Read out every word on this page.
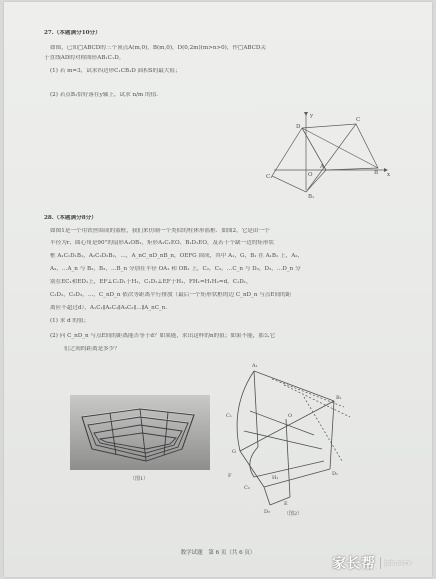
27.（本题满分10分）
如图，已知□ABCD的三个顶点A(m,0)，B(m,0)，D(0,2m)(m>n>0)，作□ABCD关
于直线AD的对称图形AB₁C₁D。
(1) 若 m=3，试求四边形C₁CB₁D 面积S的最大值；
(2) 若点B₁恰好落在y轴上，试求 n/m 的值.
y
C
D
C₁
A
O	B x
B₁
28.（本题满分8分）
如图1是一个用铁丝围成的篮框，我们来仿制一个类似的柱体形篮框．如图2，它是由一个
半径为r、圆心角是90°的扇形A₁OB₁，矩形A₁C₁EO、B₁D₁EO，及若干个缺一边的矩形状
框 A₁C₁D₁B₁，A₂C₂D₂B₂，…，A_nC_nD_nB_n，OEFG 围成，其中 A₁，G，B₁ 在 A₁B₁ 上，A₂，
A₃，…A_n 与 B₂，B₃，…B_n 分别在半径 OA₁ 和 OB₁ 上，C₂，C₃，…C_n 与 D₂，D₃，…D_n 分
别在EC₁和ED₁上，EF⊥C₁D₁于H₁，C₁D₁⊥EF于H₁，FH₁=H₁H₂=d，C₁D₁，
C₂D₂，C₃D₃，…，C_nD_n 依次等距离平行排放（最后一个矩形状框的边 C_nD_n 与点E间的距
离应不超过d），A₁C₁∥A₂C₂∥A₃C₃∥…∥A_nC_n．
(1) 求 d 的值；
(2) 问 C_nD_n 与点E间的距离能否等于d？如果能，求出这样的n的值；如果不能，那么它
们之间的距离是多少？
（图1）
A₁
C₁
G
O
B₁
F	H₁
D₁
E
C₂
D₂	（图2）
数学试题 第 6 页（共 6 页）
家长帮 jzb.com
